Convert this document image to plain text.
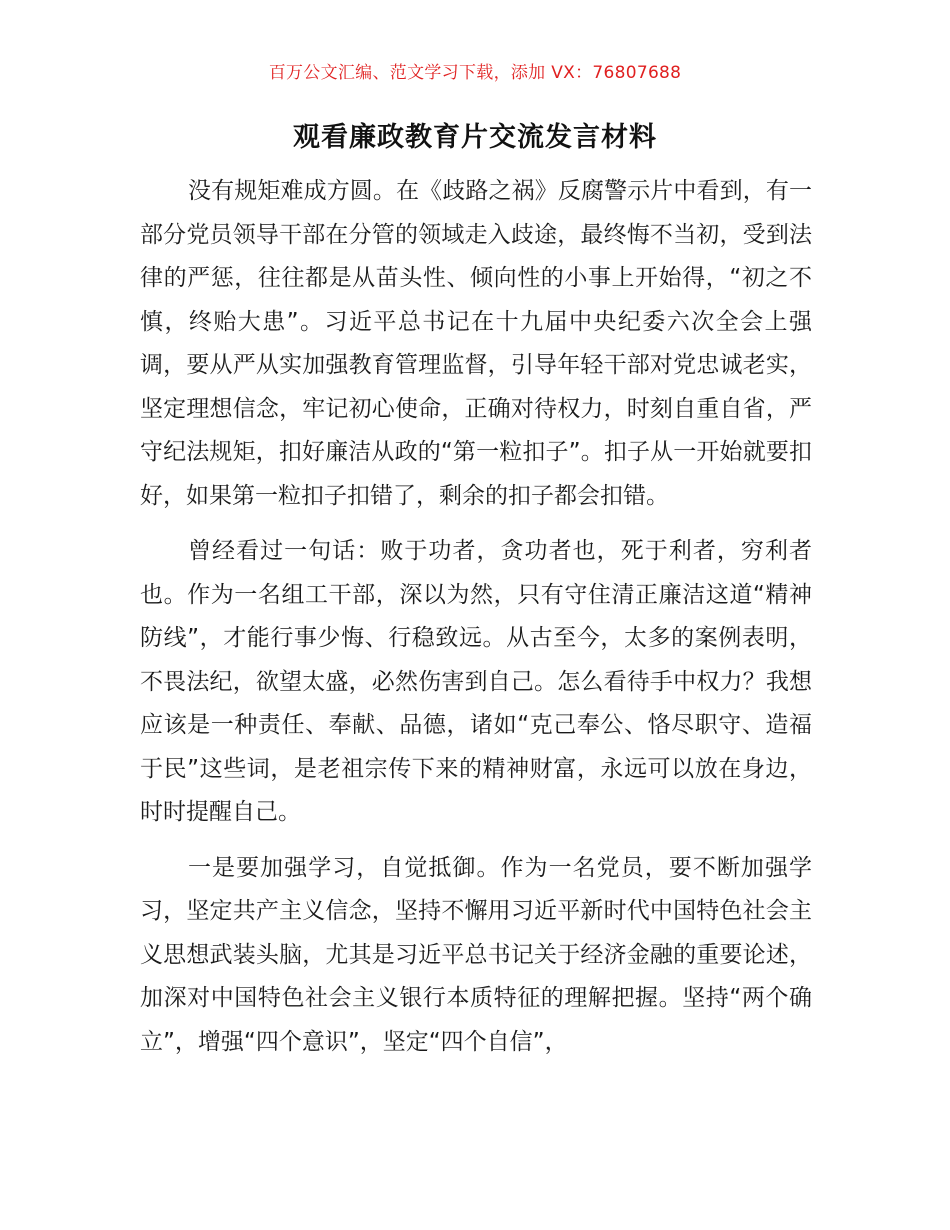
百万公文汇编、范文学习下载，添加 VX：76807688
观看廉政教育片交流发言材料

没有规矩难成方圆。在《歧路之祸》反腐警示片中看到，有一部分党员领导干部在分管的领域走入歧途，最终悔不当初，受到法律的严惩，往往都是从苗头性、倾向性的小事上开始得，“初之不慎，终贻大患”。习近平总书记在十九届中央纪委六次全会上强调，要从严从实加强教育管理监督，引导年轻干部对党忠诚老实，坚定理想信念，牢记初心使命，正确对待权力，时刻自重自省，严守纪法规矩，扣好廉洁从政的“第一粒扣子”。扣子从一开始就要扣好，如果第一粒扣子扣错了，剩余的扣子都会扣错。

曾经看过一句话：败于功者，贪功者也，死于利者，穷利者也。作为一名组工干部，深以为然，只有守住清正廉洁这道“精神防线”，才能行事少悔、行稳致远。从古至今，太多的案例表明，不畏法纪，欲望太盛，必然伤害到自己。怎么看待手中权力？我想应该是一种责任、奉献、品德，诸如“克己奉公、恪尽职守、造福于民”这些词，是老祖宗传下来的精神财富，永远可以放在身边，时时提醒自己。

一是要加强学习，自觉抵御。作为一名党员，要不断加强学习，坚定共产主义信念，坚持不懈用习近平新时代中国特色社会主义思想武装头脑，尤其是习近平总书记关于经济金融的重要论述，加深对中国特色社会主义银行本质特征的理解把握。坚持“两个确立”，增强“四个意识”，坚定“四个自信”，
